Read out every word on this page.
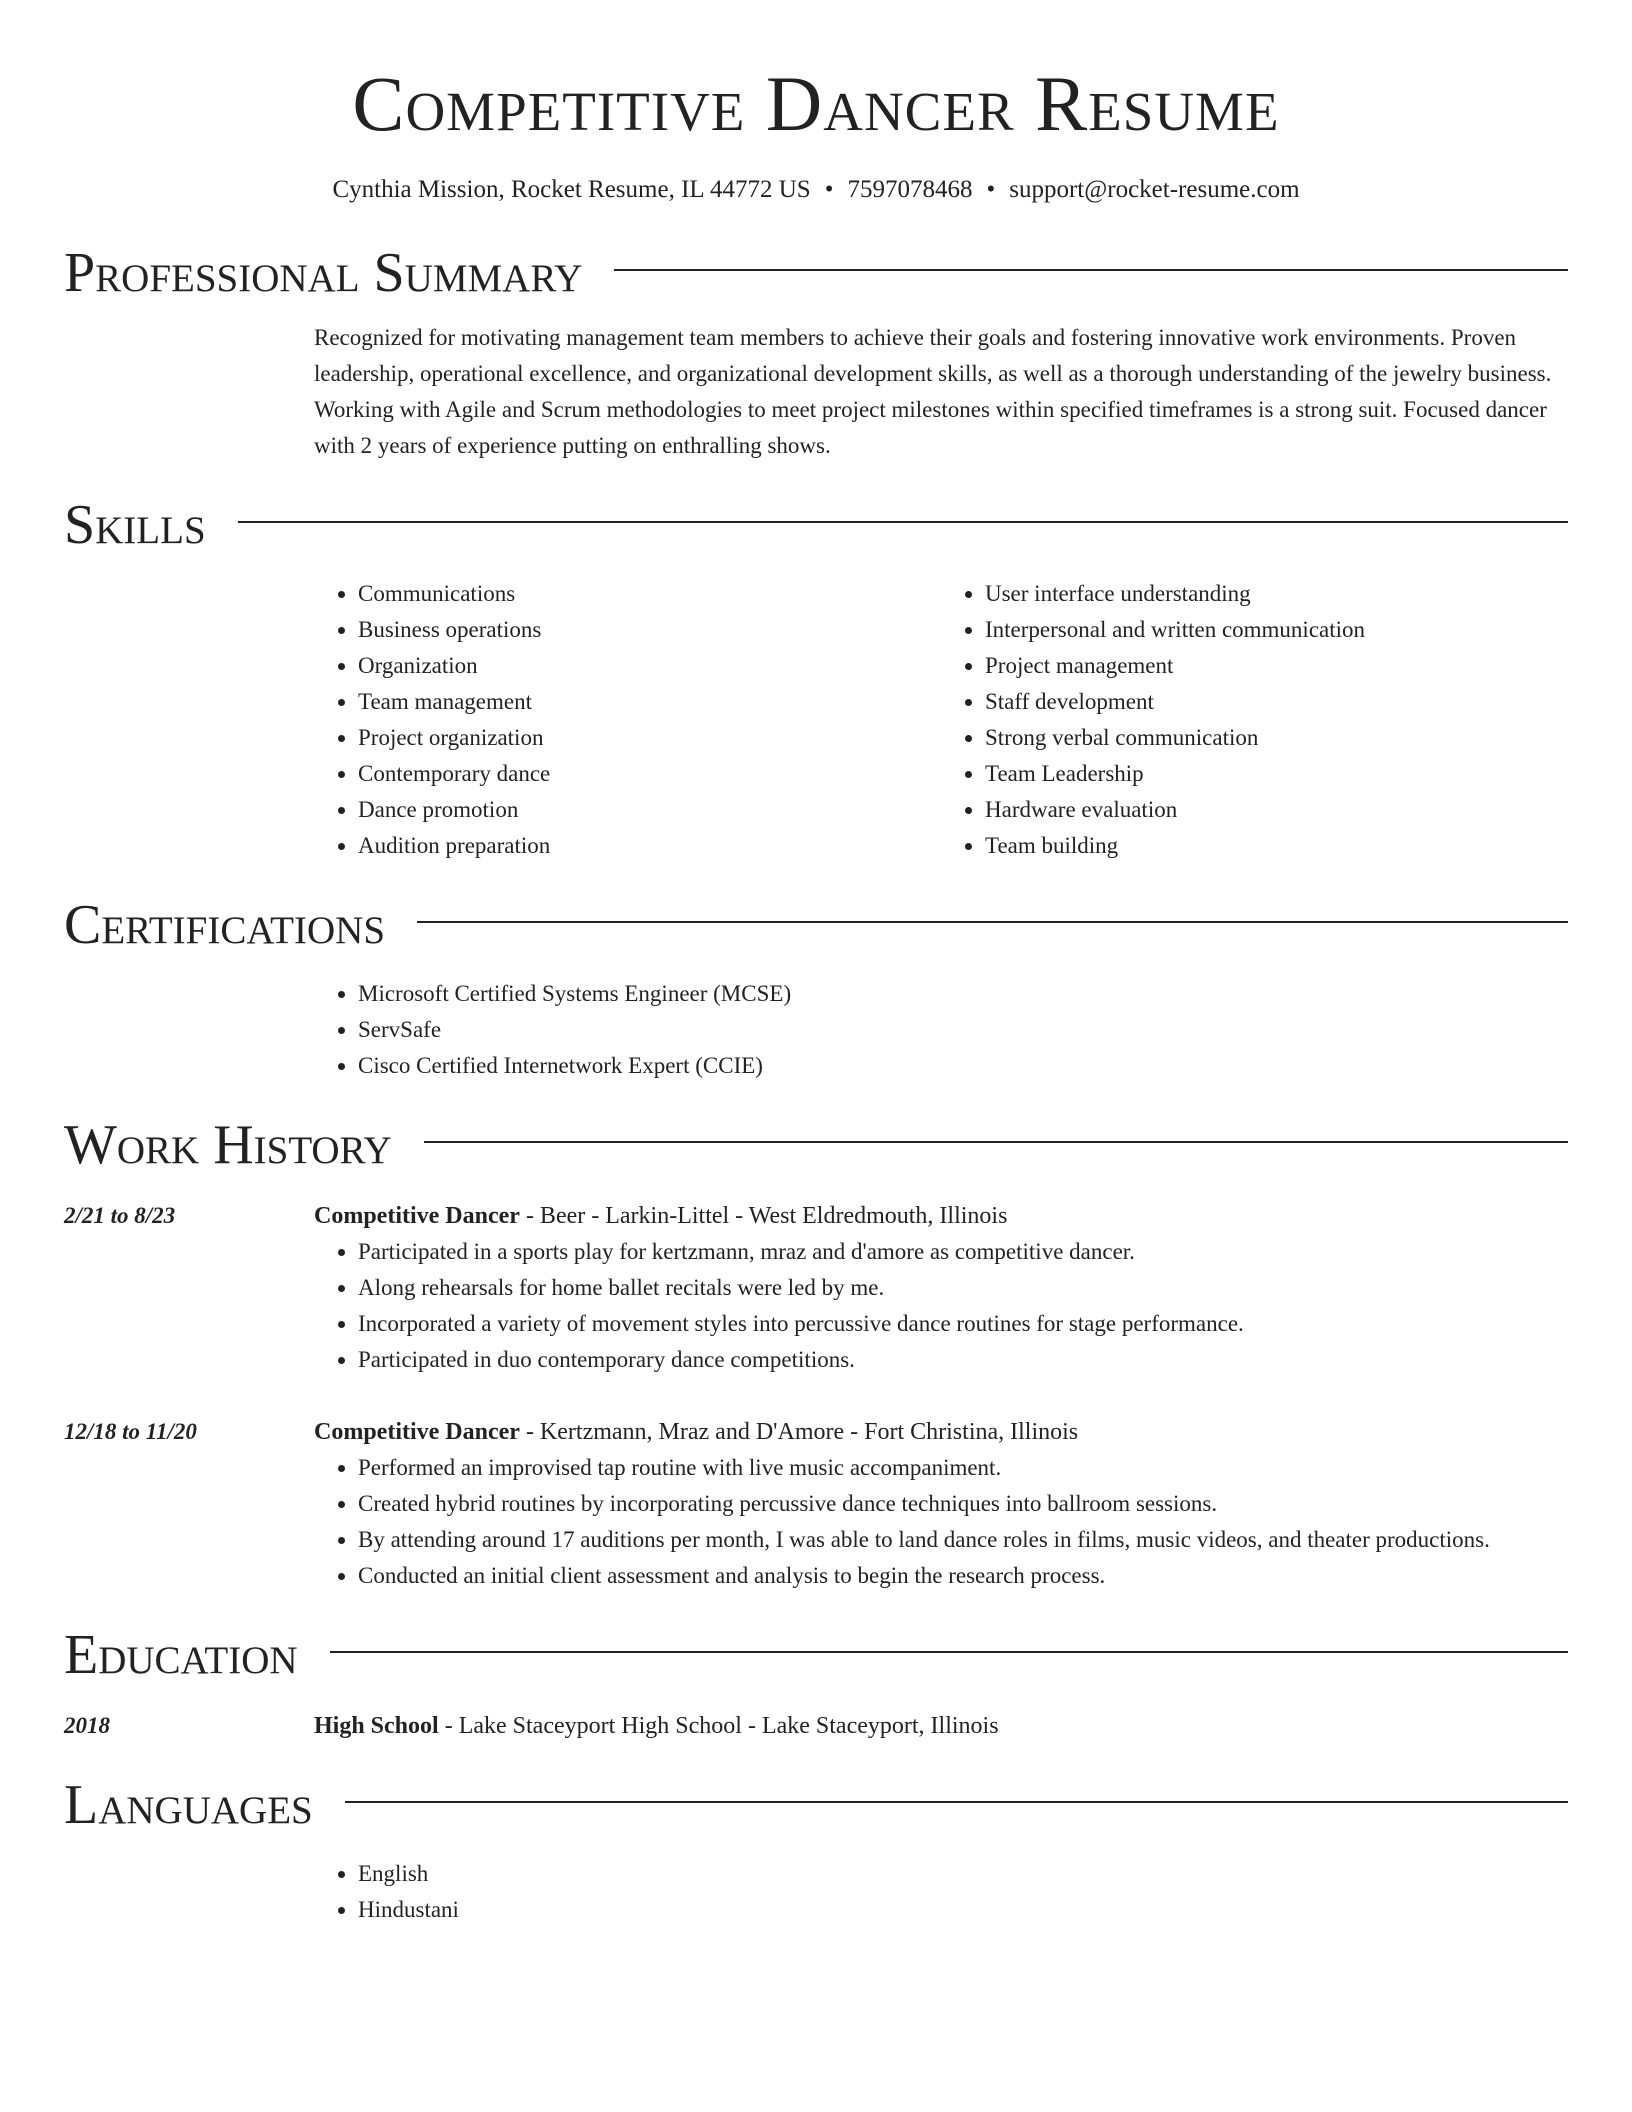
Competitive Dancer Resume
Cynthia Mission, Rocket Resume, IL 44772 US • 7597078468 • support@rocket-resume.com
Professional Summary
Recognized for motivating management team members to achieve their goals and fostering innovative work environments. Proven leadership, operational excellence, and organizational development skills, as well as a thorough understanding of the jewelry business. Working with Agile and Scrum methodologies to meet project milestones within specified timeframes is a strong suit. Focused dancer with 2 years of experience putting on enthralling shows.
Skills
• Communications
• Business operations
• Organization
• Team management
• Project organization
• Contemporary dance
• Dance promotion
• Audition preparation
• User interface understanding
• Interpersonal and written communication
• Project management
• Staff development
• Strong verbal communication
• Team Leadership
• Hardware evaluation
• Team building
Certifications
• Microsoft Certified Systems Engineer (MCSE)
• ServSafe
• Cisco Certified Internetwork Expert (CCIE)
Work History
2/21 to 8/23	Competitive Dancer - Beer - Larkin-Littel - West Eldredmouth, Illinois
• Participated in a sports play for kertzmann, mraz and d'amore as competitive dancer.
• Along rehearsals for home ballet recitals were led by me.
• Incorporated a variety of movement styles into percussive dance routines for stage performance.
• Participated in duo contemporary dance competitions.
12/18 to 11/20	Competitive Dancer - Kertzmann, Mraz and D'Amore - Fort Christina, Illinois
• Performed an improvised tap routine with live music accompaniment.
• Created hybrid routines by incorporating percussive dance techniques into ballroom sessions.
• By attending around 17 auditions per month, I was able to land dance roles in films, music videos, and theater productions.
• Conducted an initial client assessment and analysis to begin the research process.
Education
2018	High School - Lake Staceyport High School - Lake Staceyport, Illinois
Languages
• English
• Hindustani
